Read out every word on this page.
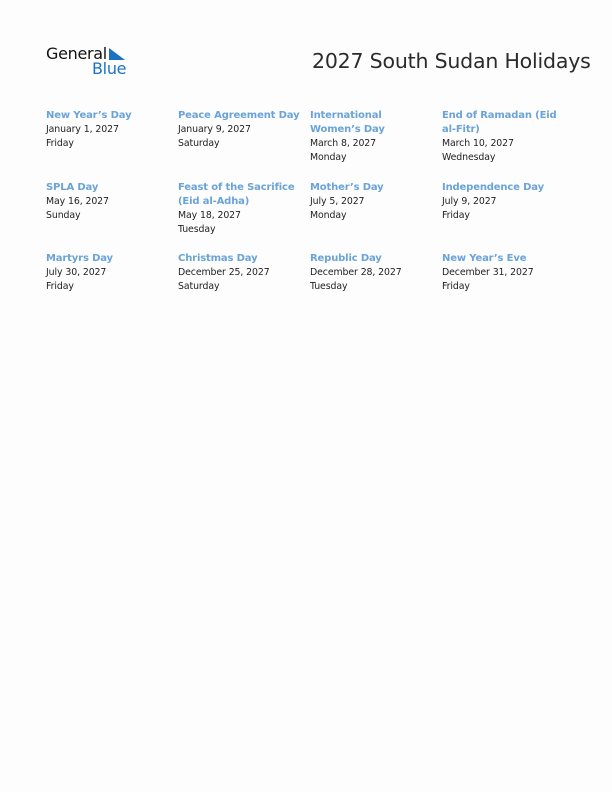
General
Blue	2027 South Sudan Holidays
New Year’s Day
January 1, 2027
Friday
Peace Agreement Day
January 9, 2027
Saturday
International Women’s Day
March 8, 2027
Monday
End of Ramadan (Eid al-Fitr)
March 10, 2027
Wednesday
SPLA Day
May 16, 2027
Sunday
Feast of the Sacrifice (Eid al-Adha)
May 18, 2027
Tuesday
Mother’s Day
July 5, 2027
Monday
Independence Day
July 9, 2027
Friday
Martyrs Day
July 30, 2027
Friday
Christmas Day
December 25, 2027
Saturday
Republic Day
December 28, 2027
Tuesday
New Year’s Eve
December 31, 2027
Friday
